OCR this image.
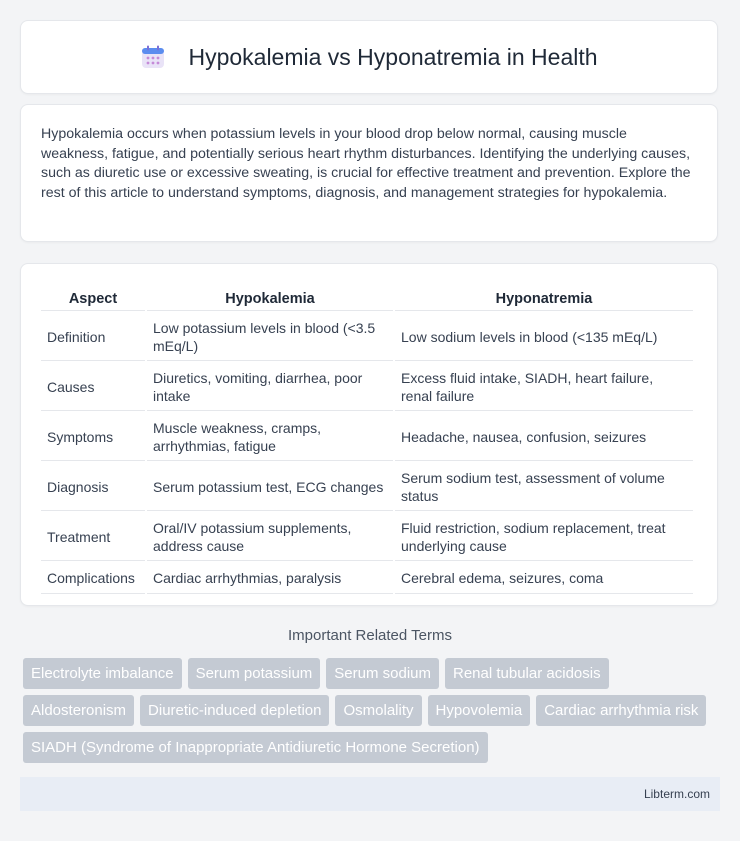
Hypokalemia vs Hyponatremia in Health

Hypokalemia occurs when potassium levels in your blood drop below normal, causing muscle weakness, fatigue, and potentially serious heart rhythm disturbances. Identifying the underlying causes, such as diuretic use or excessive sweating, is crucial for effective treatment and prevention. Explore the rest of this article to understand symptoms, diagnosis, and management strategies for hypokalemia.

Aspect	Hypokalemia	Hyponatremia
Definition	Low potassium levels in blood (<3.5 mEq/L)	Low sodium levels in blood (<135 mEq/L)
Causes	Diuretics, vomiting, diarrhea, poor intake	Excess fluid intake, SIADH, heart failure, renal failure
Symptoms	Muscle weakness, cramps, arrhythmias, fatigue	Headache, nausea, confusion, seizures
Diagnosis	Serum potassium test, ECG changes	Serum sodium test, assessment of volume status
Treatment	Oral/IV potassium supplements, address cause	Fluid restriction, sodium replacement, treat underlying cause
Complications	Cardiac arrhythmias, paralysis	Cerebral edema, seizures, coma
Important Related Terms
Electrolyte imbalance	Serum potassium	Serum sodium	Renal tubular acidosis
Aldosteronism	Diuretic-induced depletion	Osmolality	Hypovolemia	Cardiac arrhythmia risk
SIADH (Syndrome of Inappropriate Antidiuretic Hormone Secretion)
Libterm.com
